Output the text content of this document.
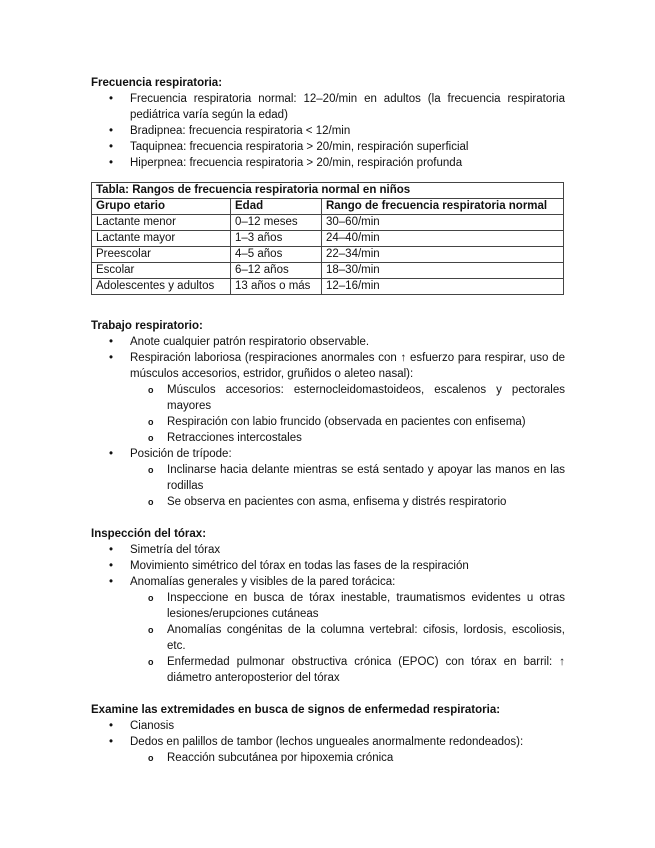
Frecuencia respiratoria:
• Frecuencia respiratoria normal: 12–20/min en adultos (la frecuencia respiratoria pediátrica varía según la edad)
• Bradipnea: frecuencia respiratoria < 12/min
• Taquipnea: frecuencia respiratoria > 20/min, respiración superficial
• Hiperpnea: frecuencia respiratoria > 20/min, respiración profunda
Tabla: Rangos de frecuencia respiratoria normal en niños		
Grupo etario	Edad	Rango de frecuencia respiratoria normal
Lactante menor	0–12 meses	30–60/min
Lactante mayor	1–3 años	24–40/min
Preescolar	4–5 años	22–34/min
Escolar	6–12 años	18–30/min
Adolescentes y adultos	13 años o más	12–16/min
Trabajo respiratorio:
• Anote cualquier patrón respiratorio observable.
• Respiración laboriosa (respiraciones anormales con ↑ esfuerzo para respirar, uso de músculos accesorios, estridor, gruñidos o aleteo nasal):
o Músculos accesorios: esternocleidomastoideos, escalenos y pectorales mayores
o Respiración con labio fruncido (observada en pacientes con enfisema)
o Retracciones intercostales
• Posición de trípode:
o Inclinarse hacia delante mientras se está sentado y apoyar las manos en las rodillas
o Se observa en pacientes con asma, enfisema y distrés respiratorio
Inspección del tórax:
• Simetría del tórax
• Movimiento simétrico del tórax en todas las fases de la respiración
• Anomalías generales y visibles de la pared torácica:
o Inspeccione en busca de tórax inestable, traumatismos evidentes u otras lesiones/erupciones cutáneas
o Anomalías congénitas de la columna vertebral: cifosis, lordosis, escoliosis, etc.
o Enfermedad pulmonar obstructiva crónica (EPOC) con tórax en barril: ↑ diámetro anteroposterior del tórax
Examine las extremidades en busca de signos de enfermedad respiratoria:
• Cianosis
• Dedos en palillos de tambor (lechos ungueales anormalmente redondeados):
o Reacción subcutánea por hipoxemia crónica
